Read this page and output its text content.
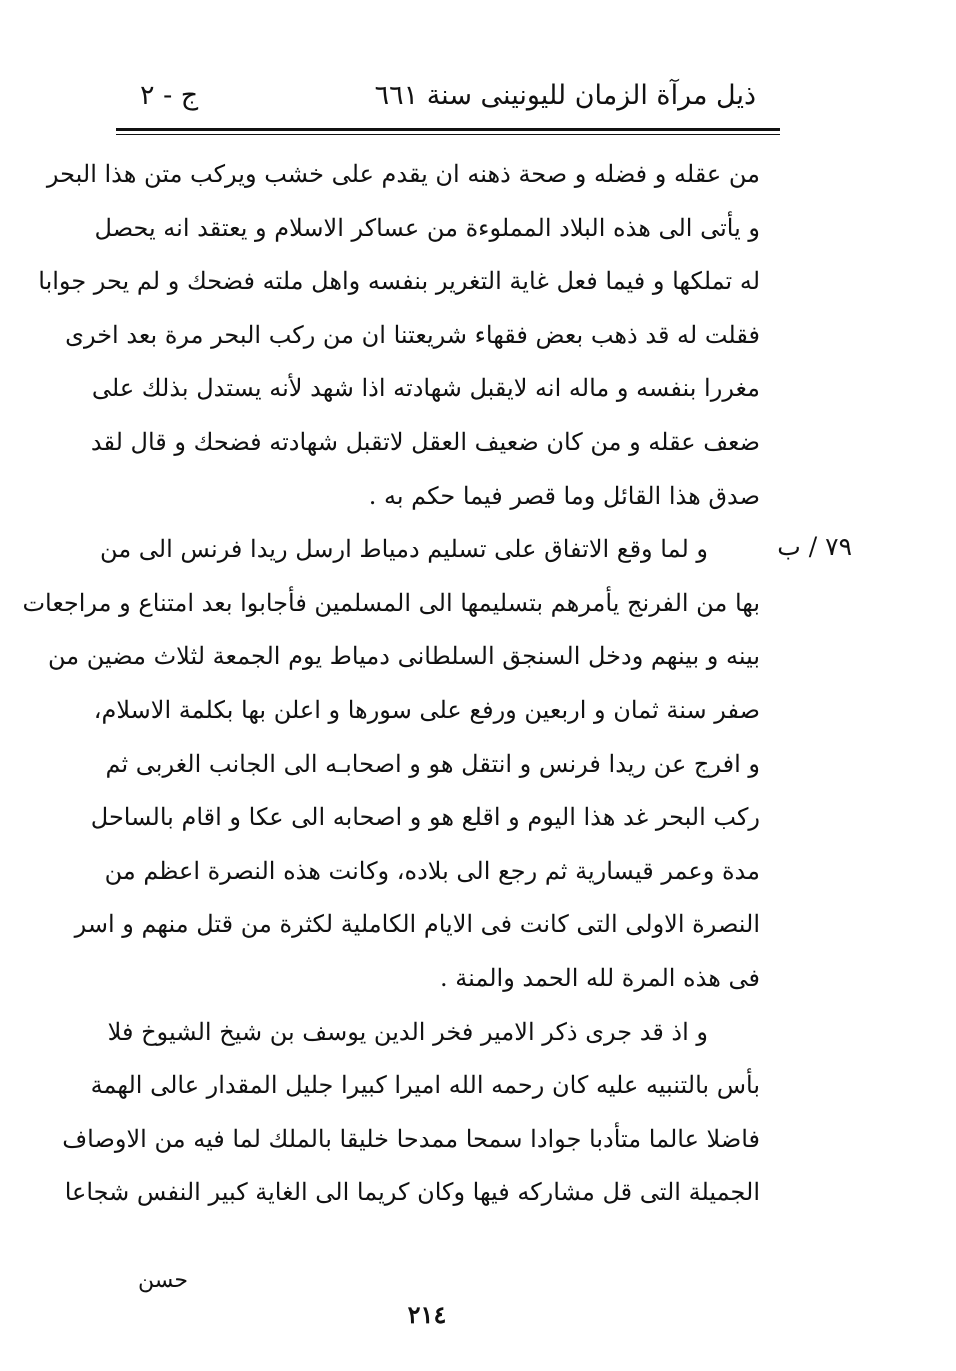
ذيل مرآة الزمان لليونينى سنة ٦٦١
ج - ٢
٧٩ / ب
من عقله و فضله و صحة ذهنه ان يقدم على خشب ويركب متن هذا البحر
و يأتى الى هذه البلاد المملوءة من عساكر الاسلام و يعتقد انه يحصل
له تملكها و فيما فعل غاية التغرير بنفسه واهل ملته فضحك و لم يحر جوابا
فقلت له قد ذهب بعض فقهاء شريعتنا ان من ركب البحر مرة بعد اخرى
مغررا بنفسه و ماله انه لايقبل شهادته اذا شهد لأنه يستدل بذلك على
ضعف عقله و من كان ضعيف العقل لاتقبل شهادته فضحك و قال لقد
صدق هذا القائل وما قصر فيما حكم به .
و لما وقع الاتفاق على تسليم دمياط ارسل ريدا فرنس الى من
بها من الفرنج يأمرهم بتسليمها الى المسلمين فأجابوا بعد امتناع و مراجعات
بينه و بينهم ودخل السنجق السلطانى دمياط يوم الجمعة لثلاث مضين من
صفر سنة ثمان و اربعين ورفع على سورها و اعلن بها بكلمة الاسلام،
و افرج عن ريدا فرنس و انتقل هو و اصحابـه الى الجانب الغربى ثم
ركب البحر غد هذا اليوم و اقلع هو و اصحابه الى عكا و اقام بالساحل
مدة وعمر قيسارية ثم رجع الى بلاده، وكانت هذه النصرة اعظم من
النصرة الاولى التى كانت فى الايام الكاملية لكثرة من قتل منهم و اسر
فى هذه المرة لله الحمد والمنة .
و اذ قد جرى ذكر الامير فخر الدين يوسف بن شيخ الشيوخ فلا
بأس بالتنبيه عليه كان رحمه الله اميرا كبيرا جليل المقدار عالى الهمة
فاضلا عالما متأدبا جوادا سمحا ممدحا خليقا بالملك لما فيه من الاوصاف
الجميلة التى قل مشاركه فيها وكان كريما الى الغاية كبير النفس شجاعا
حسن
٢١٤
